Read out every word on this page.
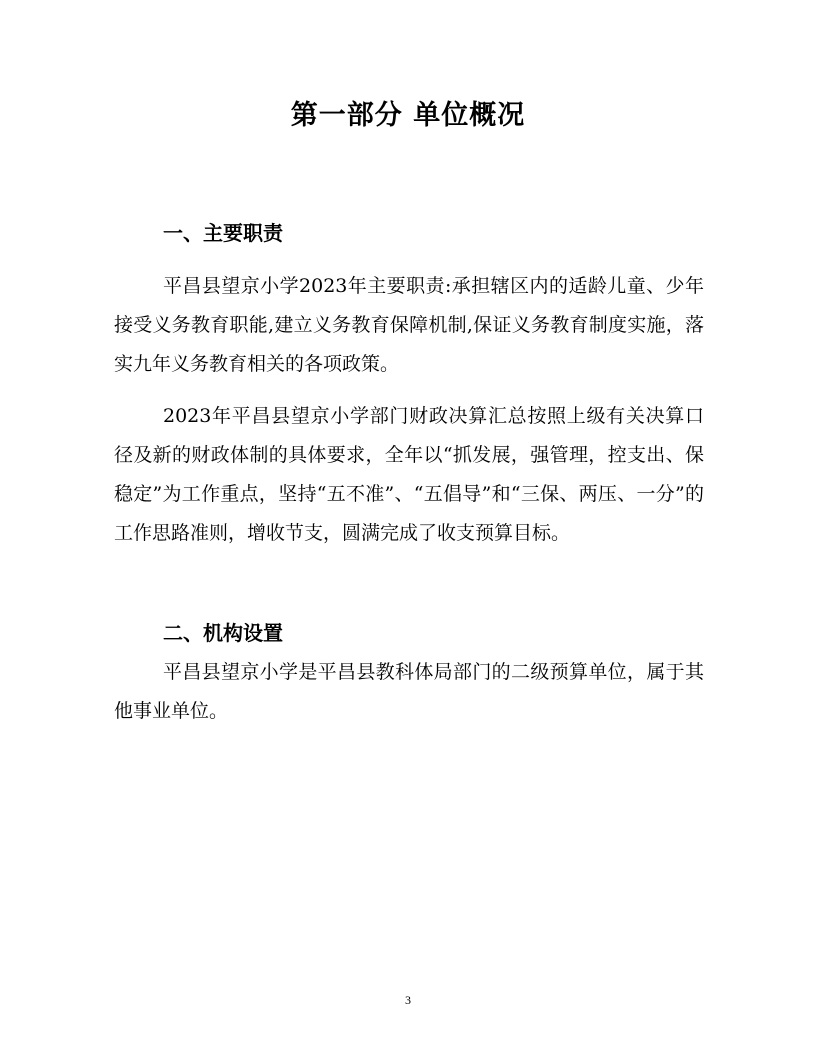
第一部分 单位概况
一、主要职责

平昌县望京小学2023年主要职责:承担辖区内的适龄儿童、少年接受义务教育职能,建立义务教育保障机制,保证义务教育制度实施，落实九年义务教育相关的各项政策。

2023年平昌县望京小学部门财政决算汇总按照上级有关决算口径及新的财政体制的具体要求，全年以“抓发展，强管理，控支出、保稳定”为工作重点，坚持“五不准”、“五倡导”和“三保、两压、一分”的工作思路准则，增收节支，圆满完成了收支预算目标。

二、机构设置

平昌县望京小学是平昌县教科体局部门的二级预算单位，属于其他事业单位。

3
